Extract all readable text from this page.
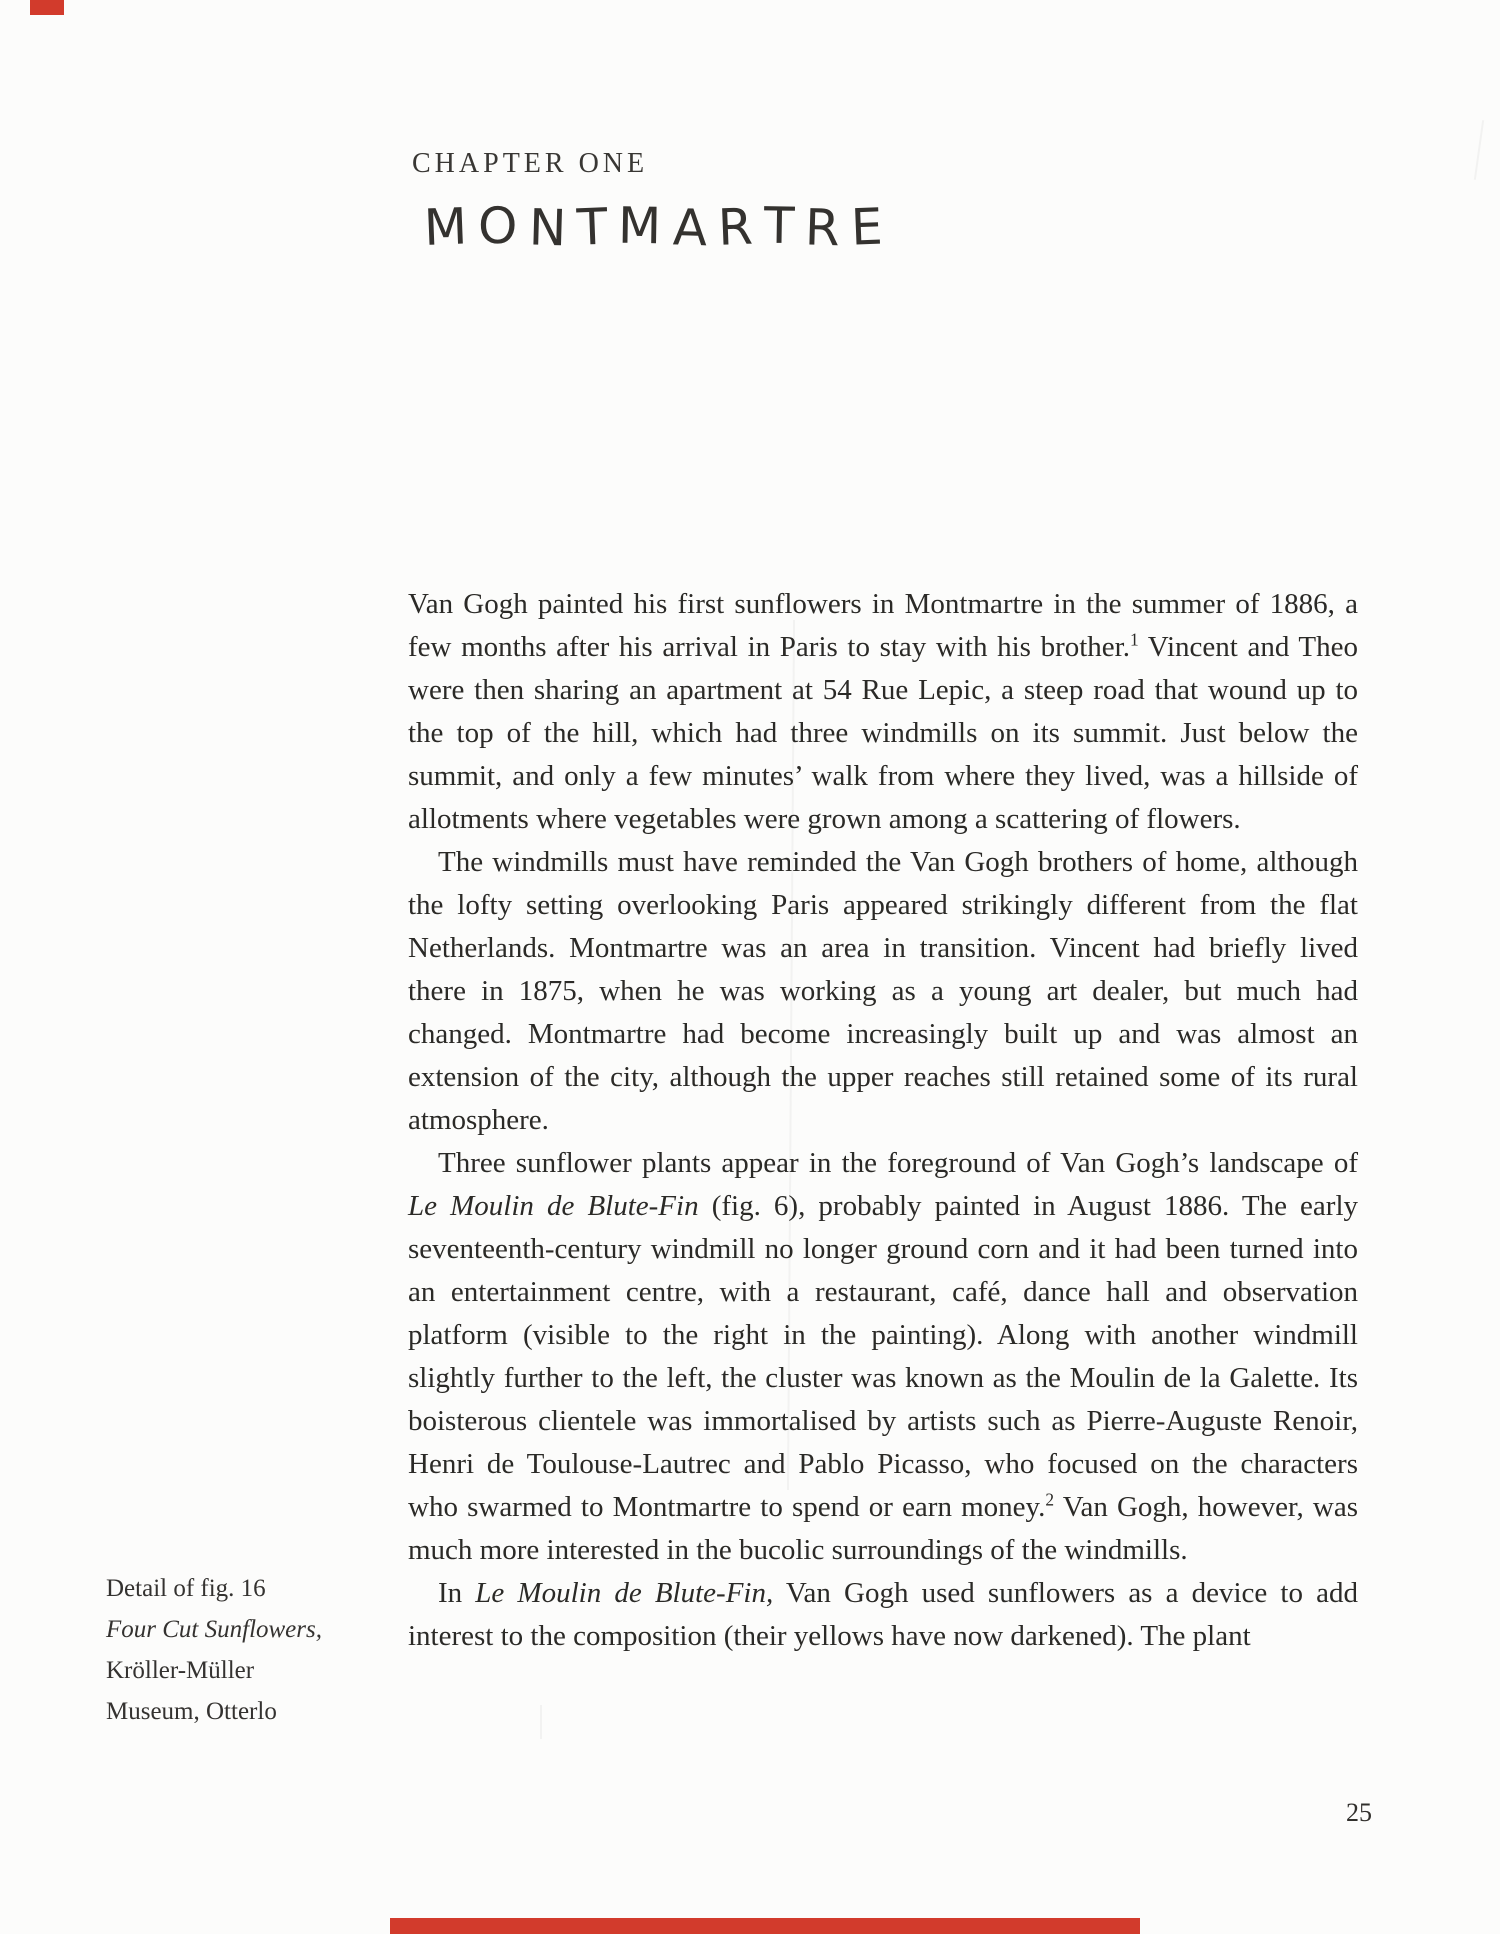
CHAPTER ONE
MONTMARTRE

Van Gogh painted his first sunflowers in Montmartre in the summer of 1886, a few months after his arrival in Paris to stay with his brother.$^1$ Vincent and Theo were then sharing an apartment at 54 Rue Lepic, a steep road that wound up to the top of the hill, which had three windmills on its summit. Just below the summit, and only a few minutes’ walk from where they lived, was a hillside of allotments where vegetables were grown among a scattering of flowers.

The windmills must have reminded the Van Gogh brothers of home, although the lofty setting overlooking Paris appeared strikingly different from the flat Netherlands. Montmartre was an area in transition. Vincent had briefly lived there in 1875, when he was working as a young art dealer, but much had changed. Montmartre had become increasingly built up and was almost an extension of the city, although the upper reaches still retained some of its rural atmosphere.

Three sunflower plants appear in the foreground of Van Gogh’s landscape of Le Moulin de Blute-Fin (fig. 6), probably painted in August 1886. The early seventeenth-century windmill no longer ground corn and it had been turned into an entertainment centre, with a restaurant, café, dance hall and observation platform (visible to the right in the painting). Along with another windmill slightly further to the left, the cluster was known as the Moulin de la Galette. Its boisterous clientele was immortalised by artists such as Pierre-Auguste Renoir, Henri de Toulouse-Lautrec and Pablo Picasso, who focused on the characters who swarmed to Montmartre to spend or earn money.$^2$ Van Gogh, however, was much more interested in the bucolic surroundings of the windmills.

In Le Moulin de Blute-Fin, Van Gogh used sunflowers as a device to add interest to the composition (their yellows have now darkened). The plant

Detail of fig. 16
Four Cut Sunflowers,
Kröller-Müller
Museum, Otterlo
25
